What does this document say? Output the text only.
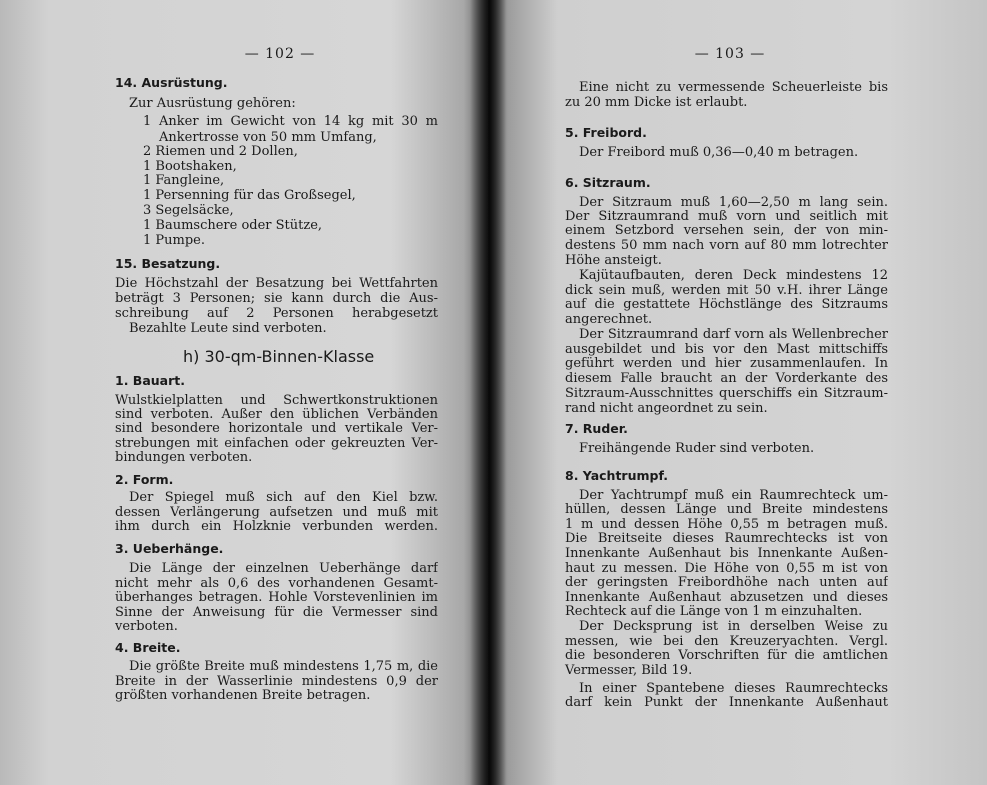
— 102 —	— 103 —
14. Ausrüstung.
Zur Ausrüstung gehören:
1 Anker im Gewicht von 14 kg mit 30 m
Ankertrosse von 50 mm Umfang,
2 Riemen und 2 Dollen,
1 Bootshaken,
1 Fangleine,
1 Persenning für das Großsegel,
3 Segelsäcke,
1 Baumschere oder Stütze,
1 Pumpe.
15. Besatzung.
Die Höchstzahl der Besatzung bei Wettfahrten
beträgt 3 Personen; sie kann durch die Aus-
schreibung auf 2 Personen herabgesetzt
Bezahlte Leute sind verboten.
h) 30-qm-Binnen-Klasse
1. Bauart.
Wulstkielplatten und Schwertkonstruktionen
sind verboten. Außer den üblichen Verbänden
sind besondere horizontale und vertikale Ver-
strebungen mit einfachen oder gekreuzten Ver-
bindungen verboten.
2. Form.
Der Spiegel muß sich auf den Kiel bzw.
dessen Verlängerung aufsetzen und muß mit
ihm durch ein Holzknie verbunden werden.
3. Ueberhänge.
Die Länge der einzelnen Ueberhänge darf
nicht mehr als 0,6 des vorhandenen Gesamt-
überhanges betragen. Hohle Vorstevenlinien im
Sinne der Anweisung für die Vermesser sind
verboten.
4. Breite.
Die größte Breite muß mindestens 1,75 m, die
Breite in der Wasserlinie mindestens 0,9 der
größten vorhandenen Breite betragen.
Eine nicht zu vermessende Scheuerleiste bis
zu 20 mm Dicke ist erlaubt.
5. Freibord.
Der Freibord muß 0,36—0,40 m betragen.
6. Sitzraum.
Der Sitzraum muß 1,60—2,50 m lang sein.
Der Sitzraumrand muß vorn und seitlich mit
einem Setzbord versehen sein, der von min-
destens 50 mm nach vorn auf 80 mm lotrechter
Höhe ansteigt.
Kajütaufbauten, deren Deck mindestens 12
dick sein muß, werden mit 50 v.H. ihrer Länge
auf die gestattete Höchstlänge des Sitzraums
angerechnet.
Der Sitzraumrand darf vorn als Wellenbrecher
ausgebildet und bis vor den Mast mittschiffs
geführt werden und hier zusammenlaufen. In
diesem Falle braucht an der Vorderkante des
Sitzraum-Ausschnittes querschiffs ein Sitzraum-
rand nicht angeordnet zu sein.
7. Ruder.
Freihängende Ruder sind verboten.
8. Yachtrumpf.
Der Yachtrumpf muß ein Raumrechteck um-
hüllen, dessen Länge und Breite mindestens
1 m und dessen Höhe 0,55 m betragen muß.
Die Breitseite dieses Raumrechtecks ist von
Innenkante Außenhaut bis Innenkante Außen-
haut zu messen. Die Höhe von 0,55 m ist von
der geringsten Freibordhöhe nach unten auf
Innenkante Außenhaut abzusetzen und dieses
Rechteck auf die Länge von 1 m einzuhalten.
Der Decksprung ist in derselben Weise zu
messen, wie bei den Kreuzeryachten. Vergl.
die besonderen Vorschriften für die amtlichen
Vermesser, Bild 19.
In einer Spantebene dieses Raumrechtecks
darf kein Punkt der Innenkante Außenhaut
